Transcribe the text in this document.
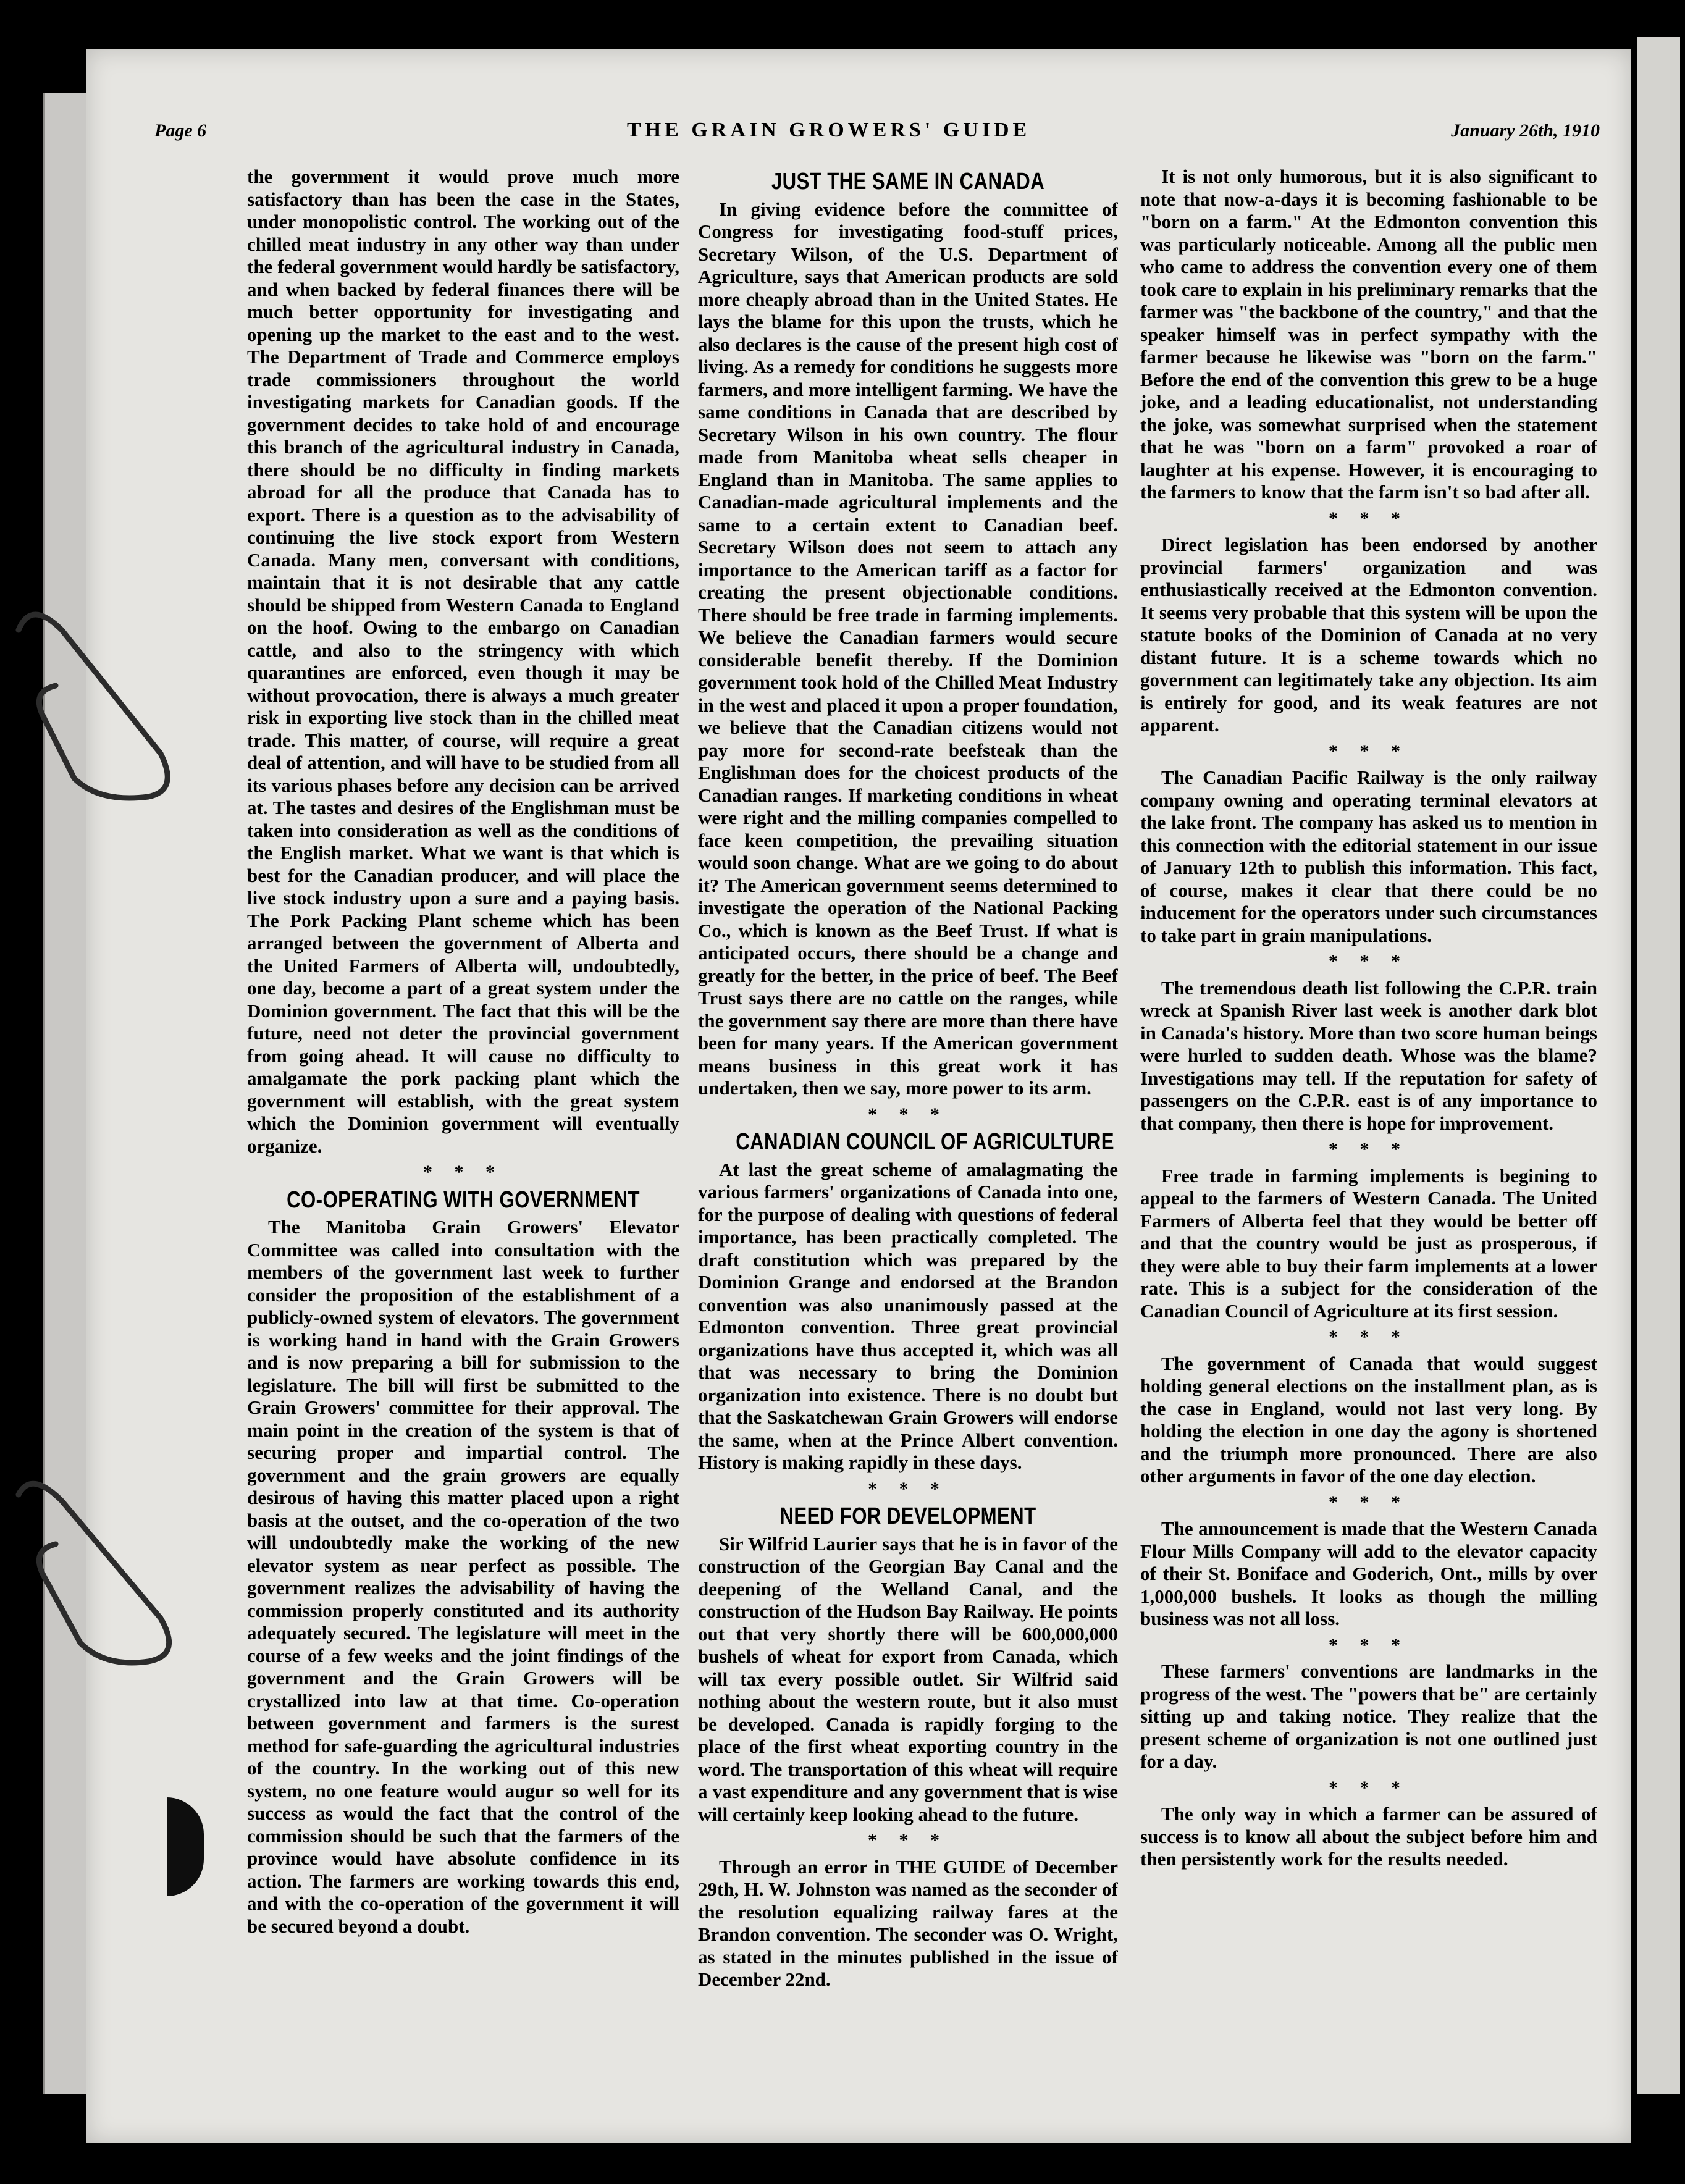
Page 6	THE GRAIN GROWERS' GUIDE	January 26th, 1910

the government it would prove much more satisfactory than has been the case in the States, under monopolistic control. The working out of the chilled meat industry in any other way than under the federal government would hardly be satisfactory, and when backed by federal finances there will be much better opportunity for investigating and opening up the market to the east and to the west. The Department of Trade and Commerce employs trade commissioners throughout the world investigating markets for Canadian goods. If the government decides to take hold of and encourage this branch of the agricultural industry in Canada, there should be no difficulty in finding markets abroad for all the produce that Canada has to export. There is a question as to the advisability of continuing the live stock export from Western Canada. Many men, conversant with conditions, maintain that it is not desirable that any cattle should be shipped from Western Canada to England on the hoof. Owing to the embargo on Canadian cattle, and also to the stringency with which quarantines are enforced, even though it may be without provocation, there is always a much greater risk in exporting live stock than in the chilled meat trade. This matter, of course, will require a great deal of attention, and will have to be studied from all its various phases before any decision can be arrived at. The tastes and desires of the Englishman must be taken into consideration as well as the conditions of the English market. What we want is that which is best for the Canadian producer, and will place the live stock industry upon a sure and a paying basis. The Pork Packing Plant scheme which has been arranged between the government of Alberta and the United Farmers of Alberta will, undoubtedly, one day, become a part of a great system under the Dominion government. The fact that this will be the future, need not deter the provincial government from going ahead. It will cause no difficulty to amalgamate the pork packing plant which the government will establish, with the great system which the Dominion government will eventually organize.

* * *
CO-OPERATING WITH GOVERNMENT

The Manitoba Grain Growers' Elevator Committee was called into consultation with the members of the government last week to further consider the proposition of the establishment of a publicly-owned system of elevators. The government is working hand in hand with the Grain Growers and is now preparing a bill for submission to the legislature. The bill will first be submitted to the Grain Growers' committee for their approval. The main point in the creation of the system is that of securing proper and impartial control. The government and the grain growers are equally desirous of having this matter placed upon a right basis at the outset, and the co-operation of the two will undoubtedly make the working of the new elevator system as near perfect as possible. The government realizes the advisability of having the commission properly constituted and its authority adequately secured. The legislature will meet in the course of a few weeks and the joint findings of the government and the Grain Growers will be crystallized into law at that time. Co-operation between government and farmers is the surest method for safe-guarding the agricultural industries of the country. In the working out of this new system, no one feature would augur so well for its success as would the fact that the control of the commission should be such that the farmers of the province would have absolute confidence in its action. The farmers are working towards this end, and with the co-operation of the government it will be secured beyond a doubt.

JUST THE SAME IN CANADA

In giving evidence before the committee of Congress for investigating food-stuff prices, Secretary Wilson, of the U.S. Department of Agriculture, says that American products are sold more cheaply abroad than in the United States. He lays the blame for this upon the trusts, which he also declares is the cause of the present high cost of living. As a remedy for conditions he suggests more farmers, and more intelligent farming. We have the same conditions in Canada that are described by Secretary Wilson in his own country. The flour made from Manitoba wheat sells cheaper in England than in Manitoba. The same applies to Canadian-made agricultural implements and the same to a certain extent to Canadian beef. Secretary Wilson does not seem to attach any importance to the American tariff as a factor for creating the present objectionable conditions. There should be free trade in farming implements. We believe the Canadian farmers would secure considerable benefit thereby. If the Dominion government took hold of the Chilled Meat Industry in the west and placed it upon a proper foundation, we believe that the Canadian citizens would not pay more for second-rate beefsteak than the Englishman does for the choicest products of the Canadian ranges. If marketing conditions in wheat were right and the milling companies compelled to face keen competition, the prevailing situation would soon change. What are we going to do about it? The American government seems determined to investigate the operation of the National Packing Co., which is known as the Beef Trust. If what is anticipated occurs, there should be a change and greatly for the better, in the price of beef. The Beef Trust says there are no cattle on the ranges, while the government say there are more than there have been for many years. If the American government means business in this great work it has undertaken, then we say, more power to its arm.

* * *
CANADIAN COUNCIL OF AGRICULTURE

At last the great scheme of amalagmating the various farmers' organizations of Canada into one, for the purpose of dealing with questions of federal importance, has been practically completed. The draft constitution which was prepared by the Dominion Grange and endorsed at the Brandon convention was also unanimously passed at the Edmonton convention. Three great provincial organizations have thus accepted it, which was all that was necessary to bring the Dominion organization into existence. There is no doubt but that the Saskatchewan Grain Growers will endorse the same, when at the Prince Albert convention. History is making rapidly in these days.

* * *
NEED FOR DEVELOPMENT

Sir Wilfrid Laurier says that he is in favor of the construction of the Georgian Bay Canal and the deepening of the Welland Canal, and the construction of the Hudson Bay Railway. He points out that very shortly there will be 600,000,000 bushels of wheat for export from Canada, which will tax every possible outlet. Sir Wilfrid said nothing about the western route, but it also must be developed. Canada is rapidly forging to the place of the first wheat exporting country in the word. The transportation of this wheat will require a vast expenditure and any government that is wise will certainly keep looking ahead to the future.

* * *

Through an error in THE GUIDE of December 29th, H. W. Johnston was named as the seconder of the resolution equalizing railway fares at the Brandon convention. The seconder was O. Wright, as stated in the minutes published in the issue of December 22nd.

It is not only humorous, but it is also significant to note that now-a-days it is becoming fashionable to be "born on a farm." At the Edmonton convention this was particularly noticeable. Among all the public men who came to address the convention every one of them took care to explain in his preliminary remarks that the farmer was "the backbone of the country," and that the speaker himself was in perfect sympathy with the farmer because he likewise was "born on the farm." Before the end of the convention this grew to be a huge joke, and a leading educationalist, not understanding the joke, was somewhat surprised when the statement that he was "born on a farm" provoked a roar of laughter at his expense. However, it is encouraging to the farmers to know that the farm isn't so bad after all.

* * *

Direct legislation has been endorsed by another provincial farmers' organization and was enthusiastically received at the Edmonton convention. It seems very probable that this system will be upon the statute books of the Dominion of Canada at no very distant future. It is a scheme towards which no government can legitimately take any objection. Its aim is entirely for good, and its weak features are not apparent.

* * *

The Canadian Pacific Railway is the only railway company owning and operating terminal elevators at the lake front. The company has asked us to mention in this connection with the editorial statement in our issue of January 12th to publish this information. This fact, of course, makes it clear that there could be no inducement for the operators under such circumstances to take part in grain manipulations.

* * *

The tremendous death list following the C.P.R. train wreck at Spanish River last week is another dark blot in Canada's history. More than two score human beings were hurled to sudden death. Whose was the blame? Investigations may tell. If the reputation for safety of passengers on the C.P.R. east is of any importance to that company, then there is hope for improvement.

* * *

Free trade in farming implements is begining to appeal to the farmers of Western Canada. The United Farmers of Alberta feel that they would be better off and that the country would be just as prosperous, if they were able to buy their farm implements at a lower rate. This is a subject for the consideration of the Canadian Council of Agriculture at its first session.

* * *

The government of Canada that would suggest holding general elections on the installment plan, as is the case in England, would not last very long. By holding the election in one day the agony is shortened and the triumph more pronounced. There are also other arguments in favor of the one day election.

* * *

The announcement is made that the Western Canada Flour Mills Company will add to the elevator capacity of their St. Boniface and Goderich, Ont., mills by over 1,000,000 bushels. It looks as though the milling business was not all loss.

* * *

These farmers' conventions are landmarks in the progress of the west. The "powers that be" are certainly sitting up and taking notice. They realize that the present scheme of organization is not one outlined just for a day.

* * *

The only way in which a farmer can be assured of success is to know all about the subject before him and then persistently work for the results needed.
